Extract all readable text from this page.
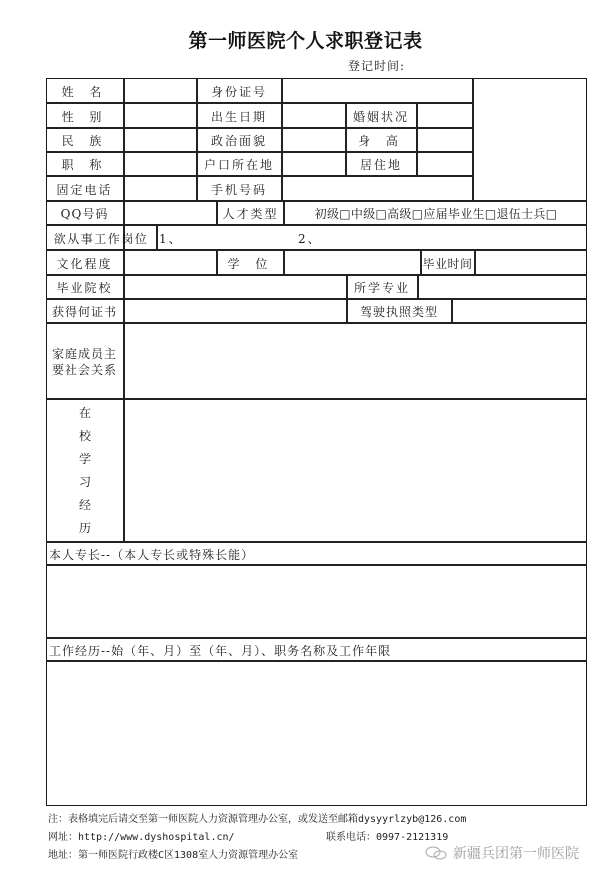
第一师医院个人求职登记表
登记时间:
姓 名	身份证号
性 别	出生日期	婚姻状况
民 族	政治面貌	身 高
职 称	户口所在地	居住地
固定电话	手机号码
QQ号码	人才类型	初级□中级□高级□应届毕业生□退伍士兵□
欲从事工作岗位 1、	2、
文化程度	学 位	毕业时间
毕业院校	所学专业
获得何证书	驾驶执照类型
家庭成员主
要社会关系
在
校
学
习
经
历
本人专长--（本人专长或特殊长能）
工作经历--始（年、月）至（年、月）、职务名称及工作年限
注：表格填完后请交至第一师医院人力资源管理办公室，或发送至邮箱dysyyrlzyb@126.com
网址：http://www.dyshospital.cn/	联系电话：0997-2121319
地址：第一师医院行政楼C区1308室人力资源管理办公室	新疆兵团第一师医院
